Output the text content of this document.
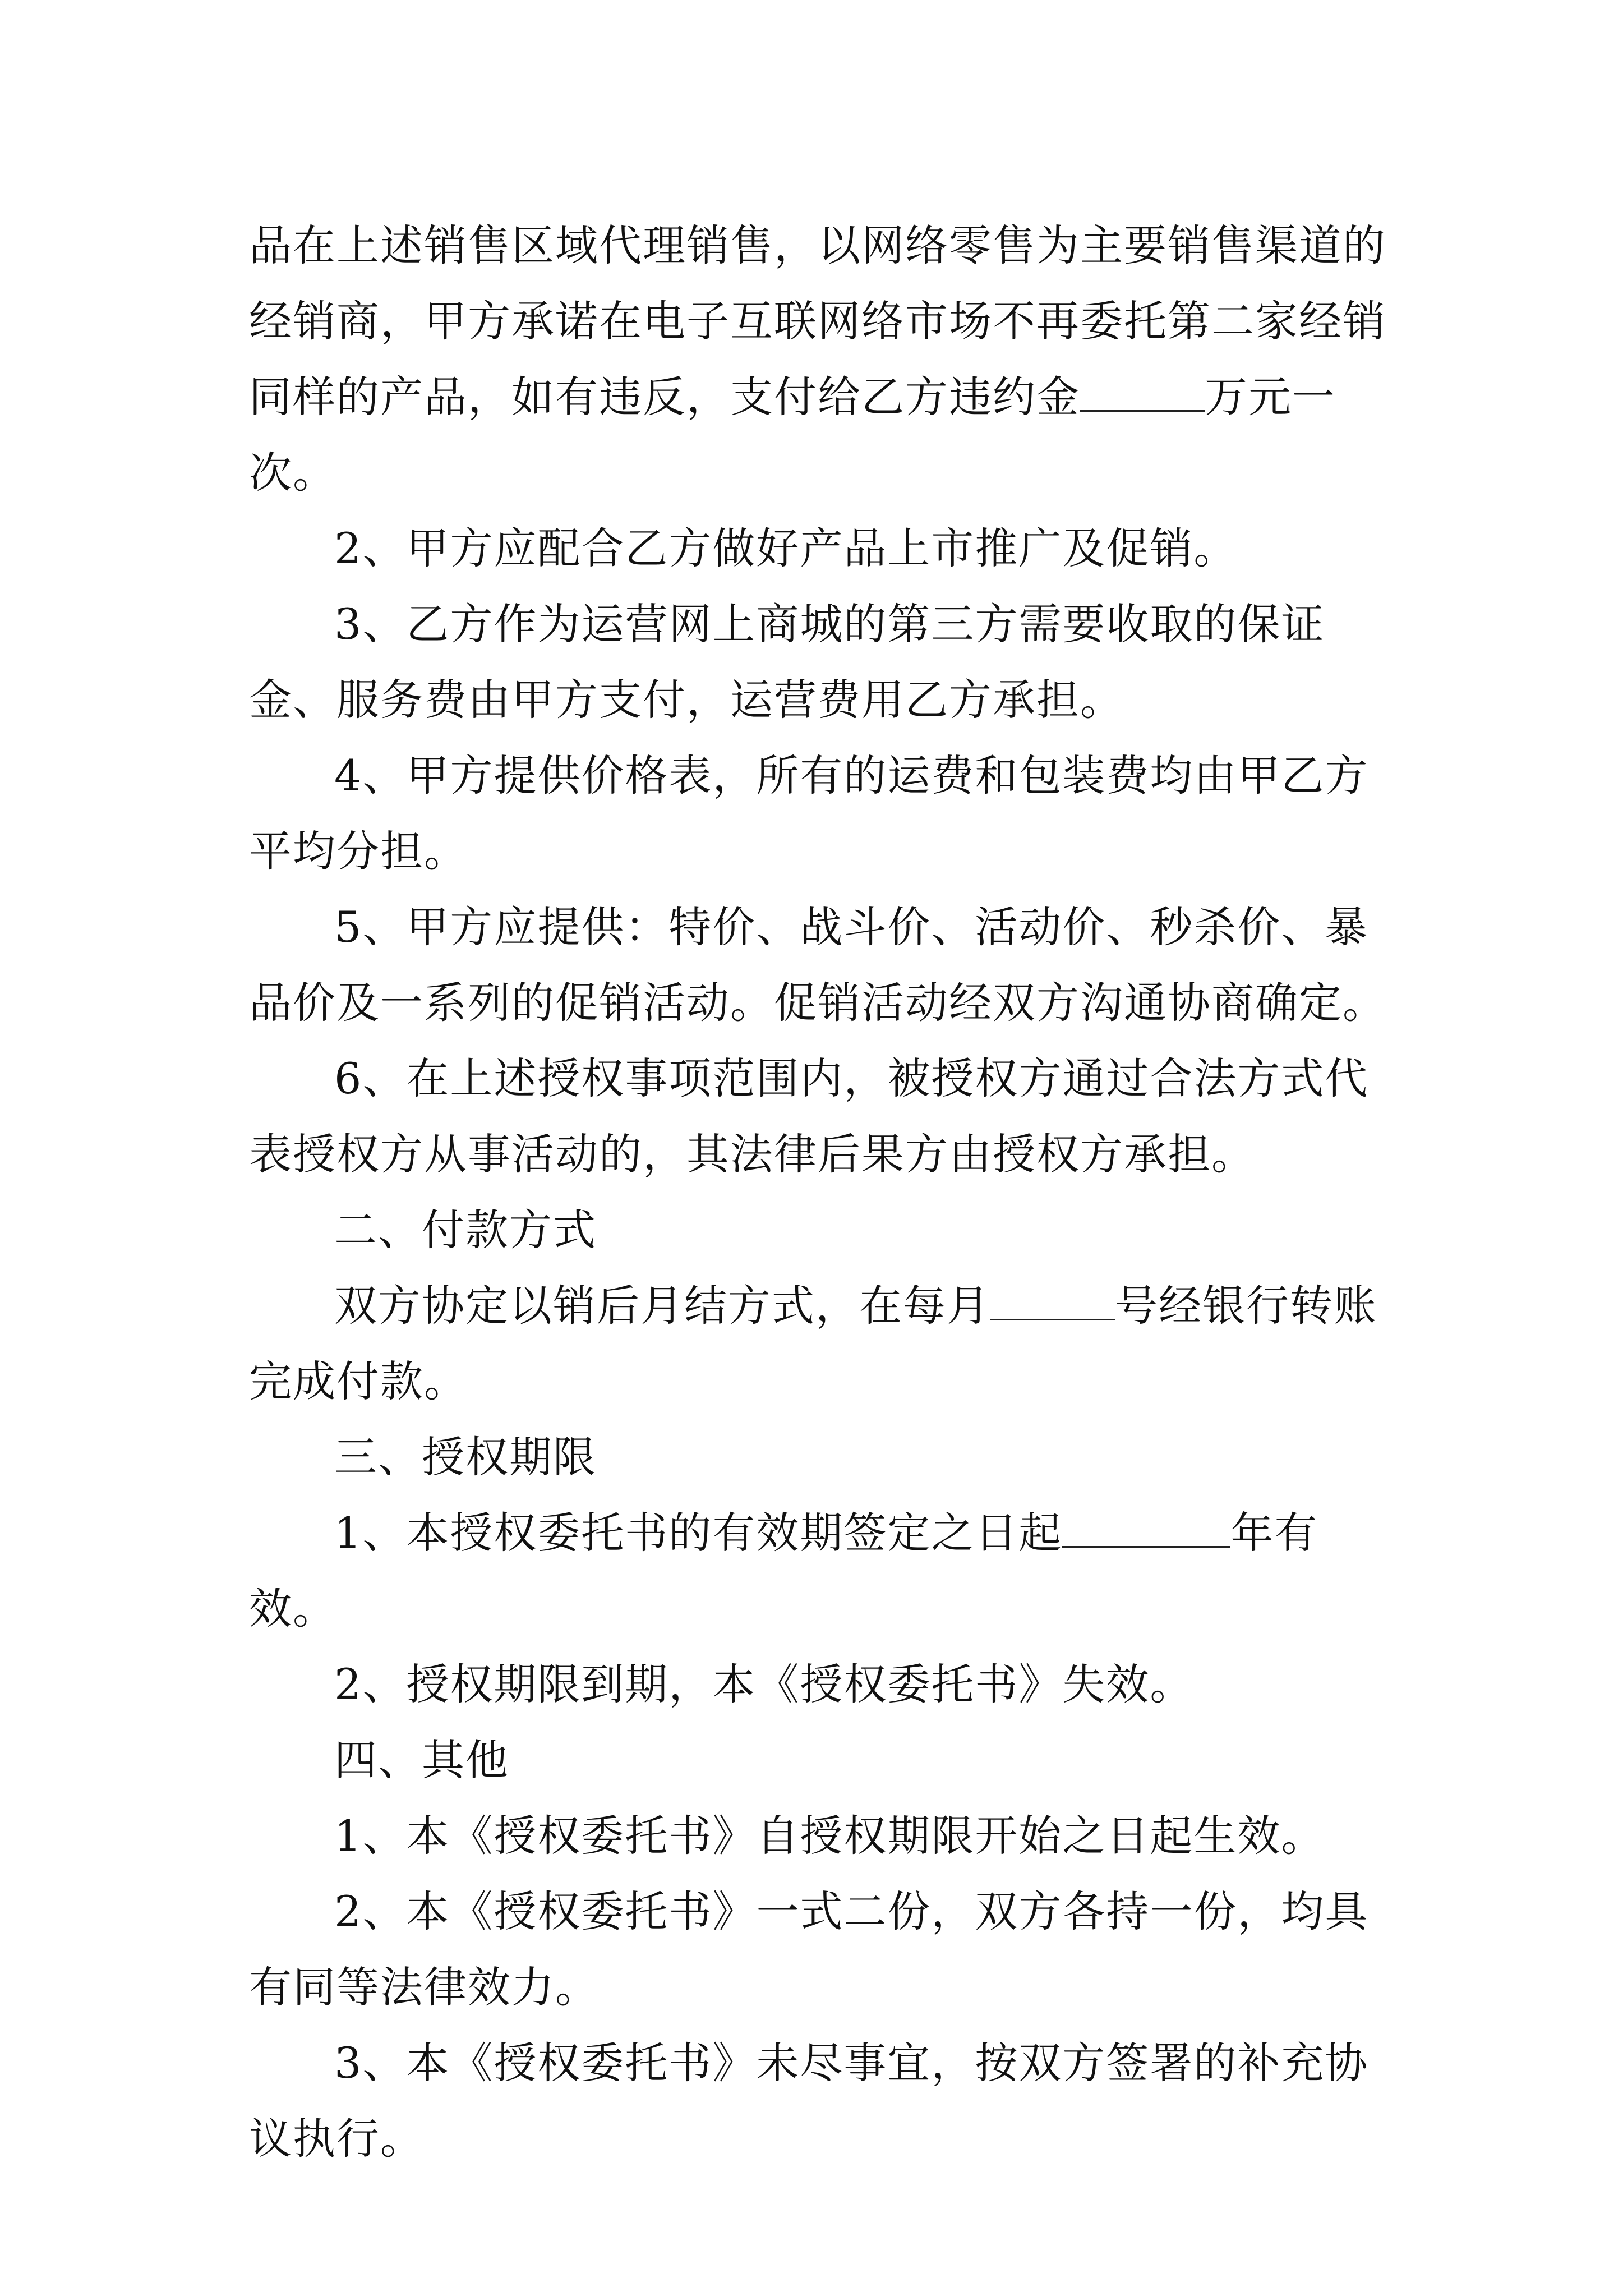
品在上述销售区域代理销售，以网络零售为主要销售渠道的经销商，甲方承诺在电子互联网络市场不再委托第二家经销同样的产品，如有违反，支付给乙方违约金	万元一次。

2、甲方应配合乙方做好产品上市推广及促销。

3、乙方作为运营网上商城的第三方需要收取的保证金、服务费由甲方支付，运营费用乙方承担。

4、甲方提供价格表，所有的运费和包装费均由甲乙方平均分担。

5、甲方应提供：特价、战斗价、活动价、秒杀价、暴品价及一系列的促销活动。促销活动经双方沟通协商确定。

6、在上述授权事项范围内，被授权方通过合法方式代表授权方从事活动的，其法律后果方由授权方承担。

二、付款方式

双方协定以销后月结方式，在每月	号经银行转账完成付款。

三、授权期限

1、本授权委托书的有效期签定之日起	年有效。

2、授权期限到期，本《授权委托书》失效。

四、其他

1、本《授权委托书》自授权期限开始之日起生效。

2、本《授权委托书》一式二份，双方各持一份，均具有同等法律效力。

3、本《授权委托书》未尽事宜，按双方签署的补充协议执行。
